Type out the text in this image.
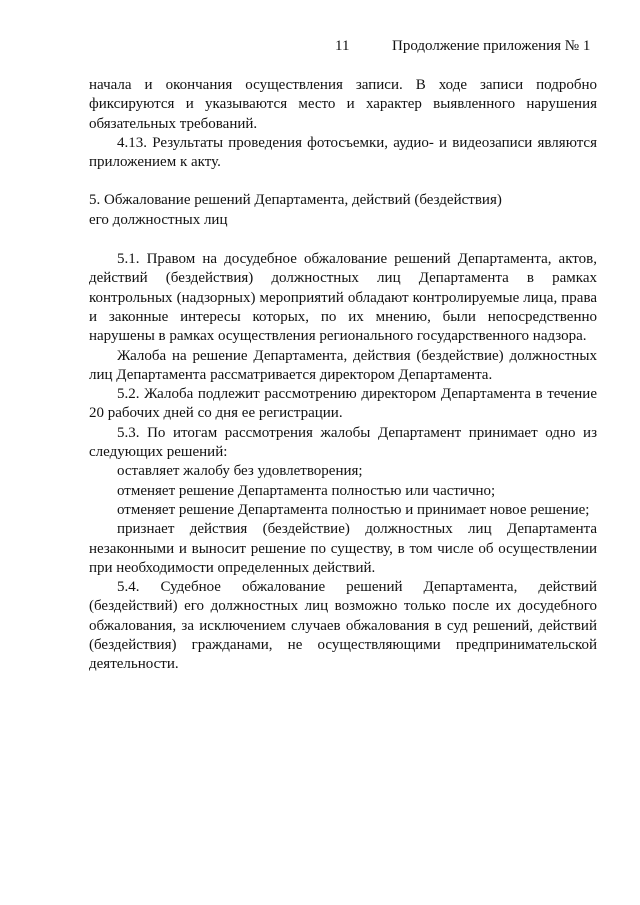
11	Продолжение приложения № 1

начала и окончания осуществления записи. В ходе записи подробно фиксируются и указываются место и характер выявленного нарушения обязательных требований.

4.13. Результаты проведения фотосъемки, аудио- и видеозаписи являются приложением к акту.

5. Обжалование решений Департамента, действий (бездействия)
его должностных лиц

5.1. Правом на досудебное обжалование решений Департамента, актов, действий (бездействия) должностных лиц Департамента в рамках контрольных (надзорных) мероприятий обладают контролируемые лица, права и законные интересы которых, по их мнению, были непосредственно нарушены в рамках осуществления регионального государственного надзора.

Жалоба на решение Департамента, действия (бездействие) должностных лиц Департамента рассматривается директором Департамента.

5.2. Жалоба подлежит рассмотрению директором Департамента в течение 20 рабочих дней со дня ее регистрации.

5.3. По итогам рассмотрения жалобы Департамент принимает одно из следующих решений:

оставляет жалобу без удовлетворения;

отменяет решение Департамента полностью или частично;

отменяет решение Департамента полностью и принимает новое решение;

признает действия (бездействие) должностных лиц Департамента незаконными и выносит решение по существу, в том числе об осуществлении при необходимости определенных действий.

5.4. Судебное обжалование решений Департамента, действий (бездействий) его должностных лиц возможно только после их досудебного обжалования, за исключением случаев обжалования в суд решений, действий (бездействия) гражданами, не осуществляющими предпринимательской деятельности.
